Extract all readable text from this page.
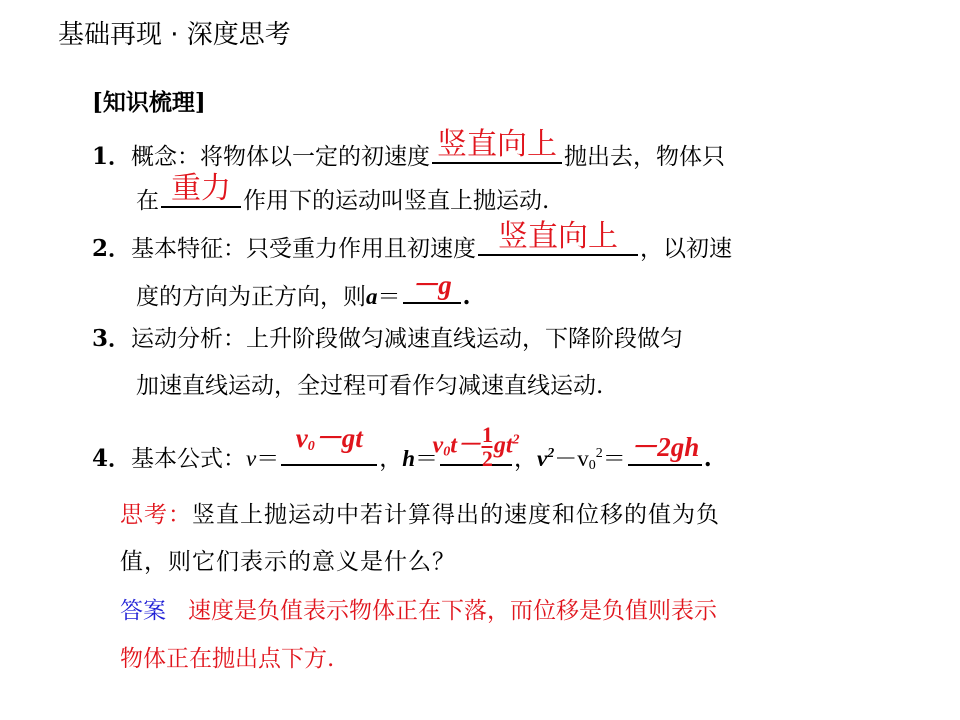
基础再现 · 深度思考
[知识梳理]
1．概念：将物体以一定的初速度 竖直向上 抛出去，物体只
在 重力 作用下的运动叫竖直上抛运动.
2．基本特征：只受重力作用且初速度 竖直向上 ，以初速
度的方向为正方向，则a＝ －g .
3．运动分析：上升阶段做匀减速直线运动，下降阶段做匀
加速直线运动，全过程可看作匀减速直线运动.
4．基本公式：v＝
$v_0-gt$
，h＝
$v_0t- \frac{1}{2} gt^2$
，$v^2-v_0^2= -2gh$ .
思考：竖直上抛运动中若计算得出的速度和位移的值为负
值，则它们表示的意义是什么？
答案 速度是负值表示物体正在下落，而位移是负值则表示
物体正在抛出点下方.
